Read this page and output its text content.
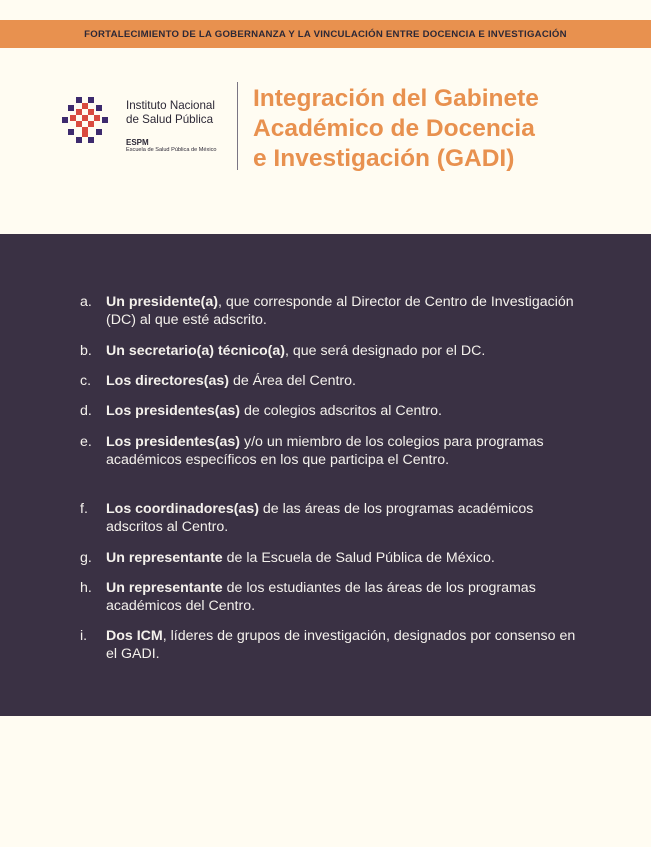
FORTALECIMIENTO DE LA GOBERNANZA Y LA VINCULACIÓN ENTRE DOCENCIA E INVESTIGACIÓN
Instituto Nacional
de Salud Pública
ESPM
Escuela de Salud Pública de México
Integración del Gabinete
Académico de Docencia
e Investigación (GADI)
a. Un presidente(a), que corresponde al Director de Centro de Investigación (DC) al que esté adscrito.
b. Un secretario(a) técnico(a), que será designado por el DC.
c.	Los directores(as) de Área del Centro.
d. Los presidentes(as) de colegios adscritos al Centro.
e. Los presidentes(as) y/o un miembro de los colegios para programas académicos específicos en los que participa el Centro.
f.	Los coordinadores(as) de las áreas de los programas académicos adscritos al Centro.
g. Un representante de la Escuela de Salud Pública de México.
h. Un representante de los estudiantes de las áreas de los programas académicos del Centro.
i.	Dos ICM, líderes de grupos de investigación, designados por consenso en el GADI.
